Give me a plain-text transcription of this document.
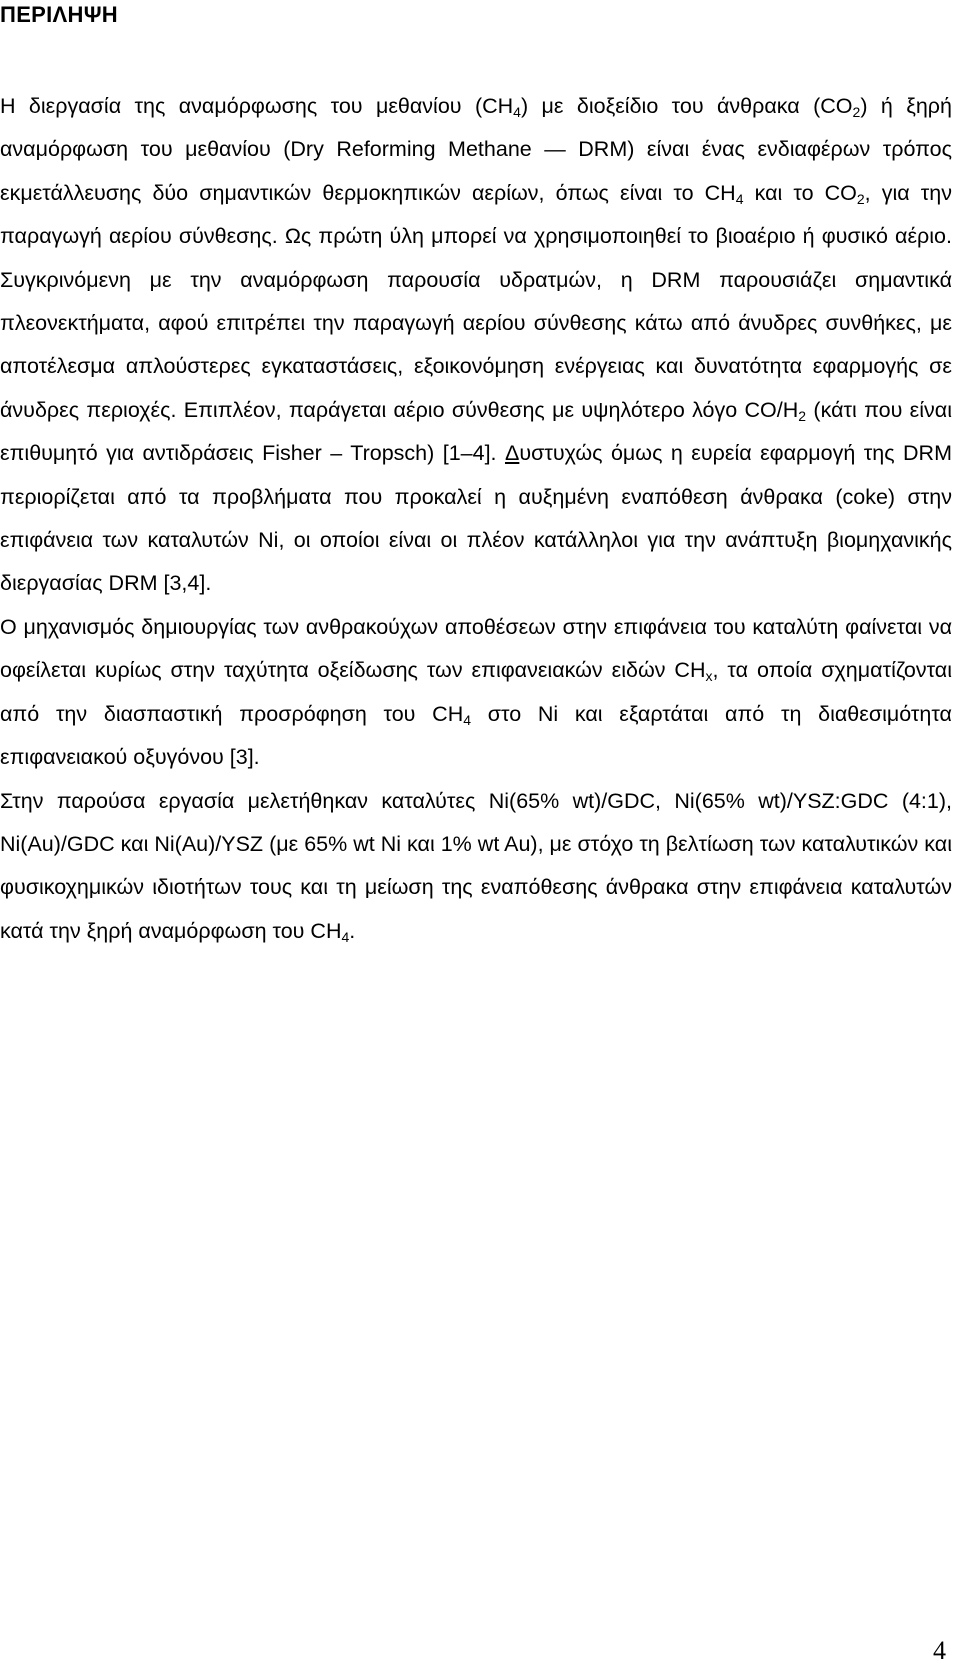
ΠΕΡΙΛΗΨΗ

Η διεργασία της αναμόρφωσης του μεθανίου $(CH_4)$ με διοξείδιο του άνθρακα $(CO_2)$ ή ξηρή αναμόρφωση του μεθανίου (Dry Reforming Methane — DRM) είναι ένας ενδιαφέρων τρόπος εκμετάλλευσης δύο σημαντικών θερμοκηπικών αερίων, όπως είναι το $CH_4$ και το $CO_2$, για την παραγωγή αερίου σύνθεσης. Ως πρώτη ύλη μπορεί να χρησιμοποιηθεί το βιοαέριο ή φυσικό αέριο. Συγκρινόμενη με την αναμόρφωση παρουσία υδρατμών, η DRM παρουσιάζει σημαντικά πλεονεκτήματα, αφού επιτρέπει την παραγωγή αερίου σύνθεσης κάτω από άνυδρες συνθήκες, με αποτέλεσμα απλούστερες εγκαταστάσεις, εξοικονόμηση ενέργειας και δυνατότητα εφαρμογής σε άνυδρες περιοχές. Επιπλέον, παράγεται αέριο σύνθεσης με υψηλότερο λόγο $CO/H_2$ (κάτι που είναι επιθυμητό για αντιδράσεις Fisher – Tropsch) [1–4]. Δυστυχώς όμως η ευρεία εφαρμογή της DRM περιορίζεται από τα προβλήματα που προκαλεί η αυξημένη εναπόθεση άνθρακα (coke) στην επιφάνεια των καταλυτών Ni, οι οποίοι είναι οι πλέον κατάλληλοι για την ανάπτυξη βιομηχανικής διεργασίας DRM [3,4].

Ο μηχανισμός δημιουργίας των ανθρακούχων αποθέσεων στην επιφάνεια του καταλύτη φαίνεται να οφείλεται κυρίως στην ταχύτητα οξείδωσης των επιφανειακών ειδών $CH_x$, τα οποία σχηματίζονται από την διασπαστική προσρόφηση του $CH_4$ στο Ni και εξαρτάται από τη διαθεσιμότητα επιφανειακού οξυγόνου [3].

Στην παρούσα εργασία μελετήθηκαν καταλύτες Ni(65% wt)/GDC, Ni(65% wt)/YSZ:GDC (4:1), Ni(Au)/GDC και Ni(Au)/YSZ (με 65% wt Ni και 1% wt Au), με στόχο τη βελτίωση των καταλυτικών και φυσικοχημικών ιδιοτήτων τους και τη μείωση της εναπόθεσης άνθρακα στην επιφάνεια καταλυτών κατά την ξηρή αναμόρφωση του $CH_4$.

4
